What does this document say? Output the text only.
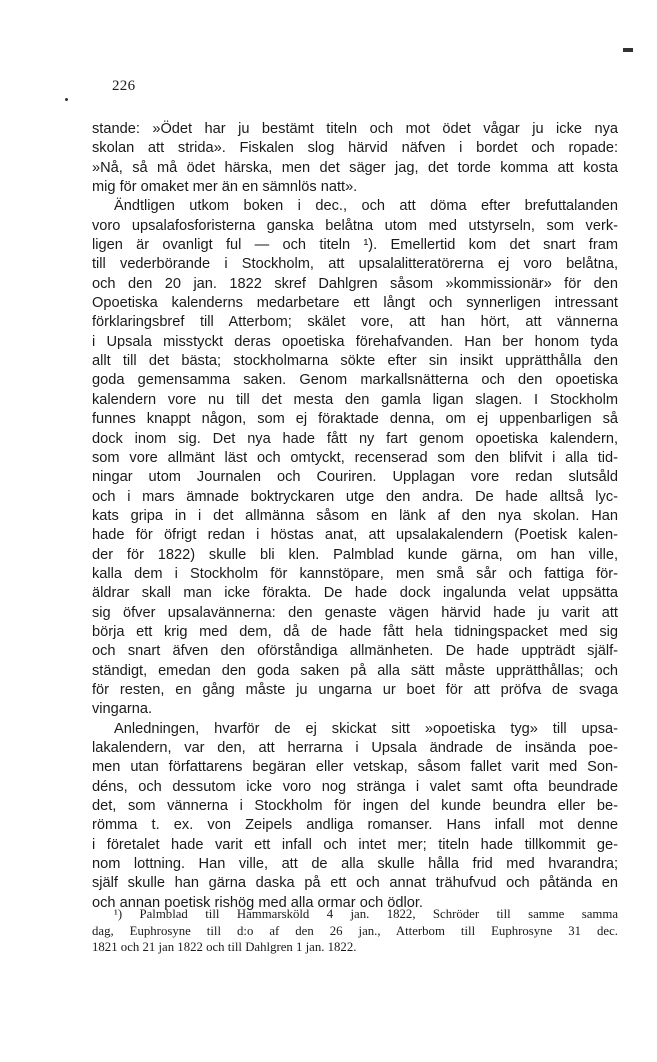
226
stande: »Ödet har ju bestämt titeln och mot ödet vågar ju icke nya
skolan att strida». Fiskalen slog härvid näfven i bordet och ropade:
»Nå, så må ödet härska, men det säger jag, det torde komma att kosta
mig för omaket mer än en sämnlös natt».
Ändtligen utkom boken i dec., och att döma efter brefuttalanden
voro upsalafosforisterna ganska belåtna utom med utstyrseln, som verk-
ligen är ovanligt ful — och titeln ¹). Emellertid kom det snart fram
till vederbörande i Stockholm, att upsalalitteratörerna ej voro belåtna,
och den 20 jan. 1822 skref Dahlgren såsom »kommissionär» för den
Opoetiska kalenderns medarbetare ett långt och synnerligen intressant
förklaringsbref till Atterbom; skälet vore, att han hört, att vännerna
i Upsala misstyckt deras opoetiska förehafvanden. Han ber honom tyda
allt till det bästa; stockholmarna sökte efter sin insikt upprätthålla den
goda gemensamma saken. Genom markallsnätterna och den opoetiska
kalendern vore nu till det mesta den gamla ligan slagen. I Stockholm
funnes knappt någon, som ej föraktade denna, om ej uppenbarligen så
dock inom sig. Det nya hade fått ny fart genom opoetiska kalendern,
som vore allmänt läst och omtyckt, recenserad som den blifvit i alla tid-
ningar utom Journalen och Couriren. Upplagan vore redan slutsåld
och i mars ämnade boktryckaren utge den andra. De hade alltså lyc-
kats gripa in i det allmänna såsom en länk af den nya skolan. Han
hade för öfrigt redan i höstas anat, att upsalakalendern (Poetisk kalen-
der för 1822) skulle bli klen. Palmblad kunde gärna, om han ville,
kalla dem i Stockholm för kannstöpare, men små sår och fattiga för-
äldrar skall man icke förakta. De hade dock ingalunda velat uppsätta
sig öfver upsalavännerna: den genaste vägen härvid hade ju varit att
börja ett krig med dem, då de hade fått hela tidningspacket med sig
och snart äfven den oförståndiga allmänheten. De hade uppträdt själf-
ständigt, emedan den goda saken på alla sätt måste upprätthållas; och
för resten, en gång måste ju ungarna ur boet för att pröfva de svaga
vingarna.
Anledningen, hvarför de ej skickat sitt »opoetiska tyg» till upsa-
lakalendern, var den, att herrarna i Upsala ändrade de insända poe-
men utan författarens begäran eller vetskap, såsom fallet varit med Son-
déns, och dessutom icke voro nog stränga i valet samt ofta beundrade
det, som vännerna i Stockholm för ingen del kunde beundra eller be-
römma t. ex. von Zeipels andliga romanser. Hans infall mot denne
i företalet hade varit ett infall och intet mer; titeln hade tillkommit ge-
nom lottning. Han ville, att de alla skulle hålla frid med hvarandra;
själf skulle han gärna daska på ett och annat trähufvud och påtända en
och annan poetisk rishög med alla ormar och ödlor.
¹) Palmblad till Hammarsköld 4 jan. 1822, Schröder till samme samma
dag, Euphrosyne till d:o af den 26 jan., Atterbom till Euphrosyne 31 dec.
1821 och 21 jan 1822 och till Dahlgren 1 jan. 1822.
